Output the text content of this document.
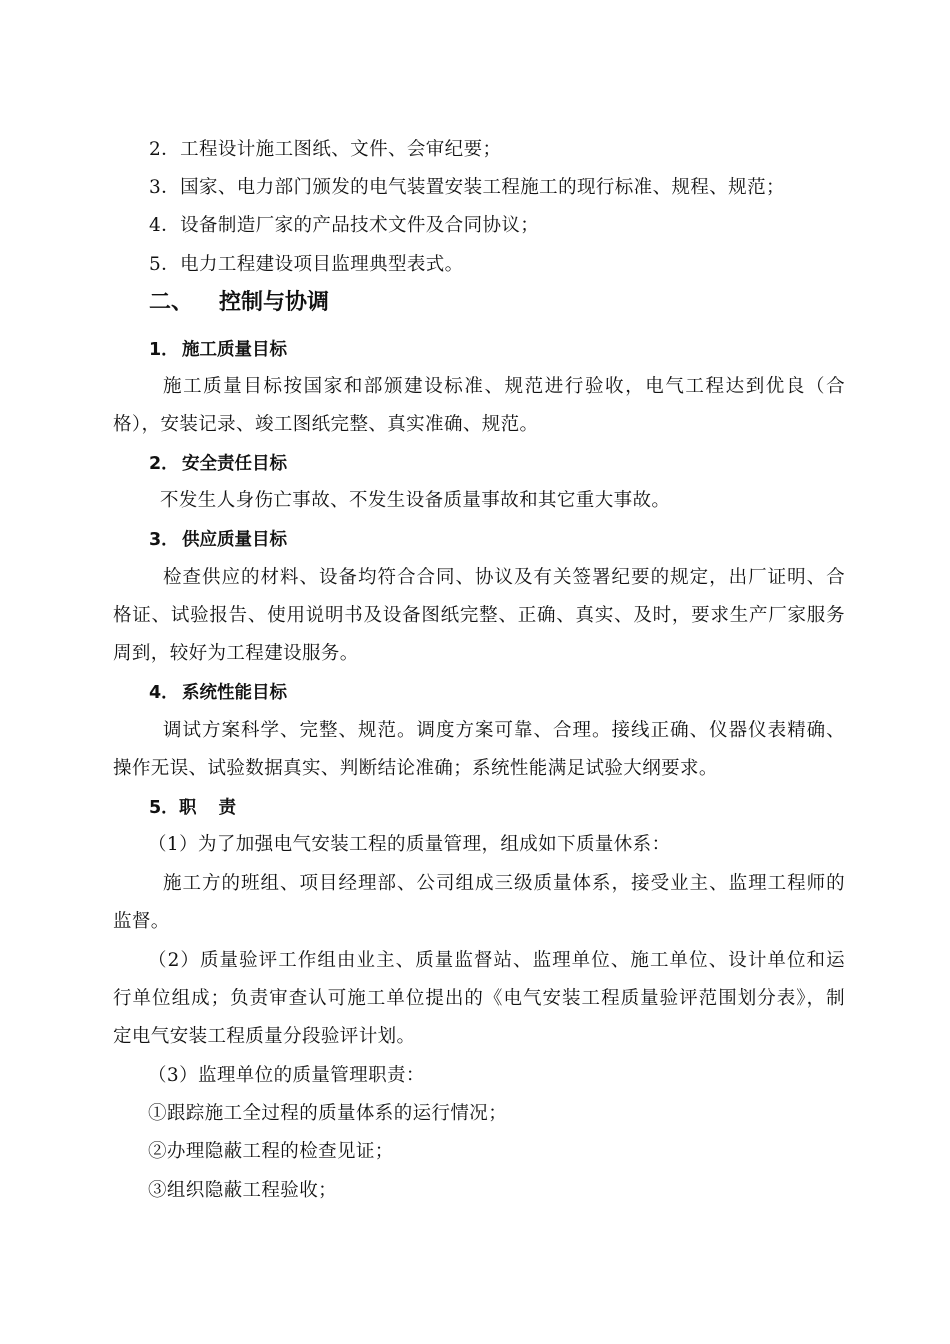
2．工程设计施工图纸、文件、会审纪要；
3．国家、电力部门颁发的电气装置安装工程施工的现行标准、规程、规范；
4．设备制造厂家的产品技术文件及合同协议；
5．电力工程建设项目监理典型表式。
二、 控制与协调
1． 施工质量目标
施工质量目标按国家和部颁建设标准、规范进行验收，电气工程达到优良（合
格），安装记录、竣工图纸完整、真实准确、规范。
2． 安全责任目标
不发生人身伤亡事故、不发生设备质量事故和其它重大事故。
3． 供应质量目标
检查供应的材料、设备均符合合同、协议及有关签署纪要的规定，出厂证明、合
格证、试验报告、使用说明书及设备图纸完整、正确、真实、及时，要求生产厂家服务
周到，较好为工程建设服务。
4． 系统性能目标
调试方案科学、完整、规范。调度方案可靠、合理。接线正确、仪器仪表精确、
操作无误、试验数据真实、判断结论准确；系统性能满足试验大纲要求。
5．职责
（1）为了加强电气安装工程的质量管理，组成如下质量休系：
施工方的班组、项目经理部、公司组成三级质量体系，接受业主、监理工程师的
监督。
（2）质量验评工作组由业主、质量监督站、监理单位、施工单位、设计单位和运
行单位组成；负责审查认可施工单位提出的《电气安装工程质量验评范围划分表》，制
定电气安装工程质量分段验评计划。
（3）监理单位的质量管理职责：
①跟踪施工全过程的质量体系的运行情况；
②办理隐蔽工程的检查见证；
③组织隐蔽工程验收；
